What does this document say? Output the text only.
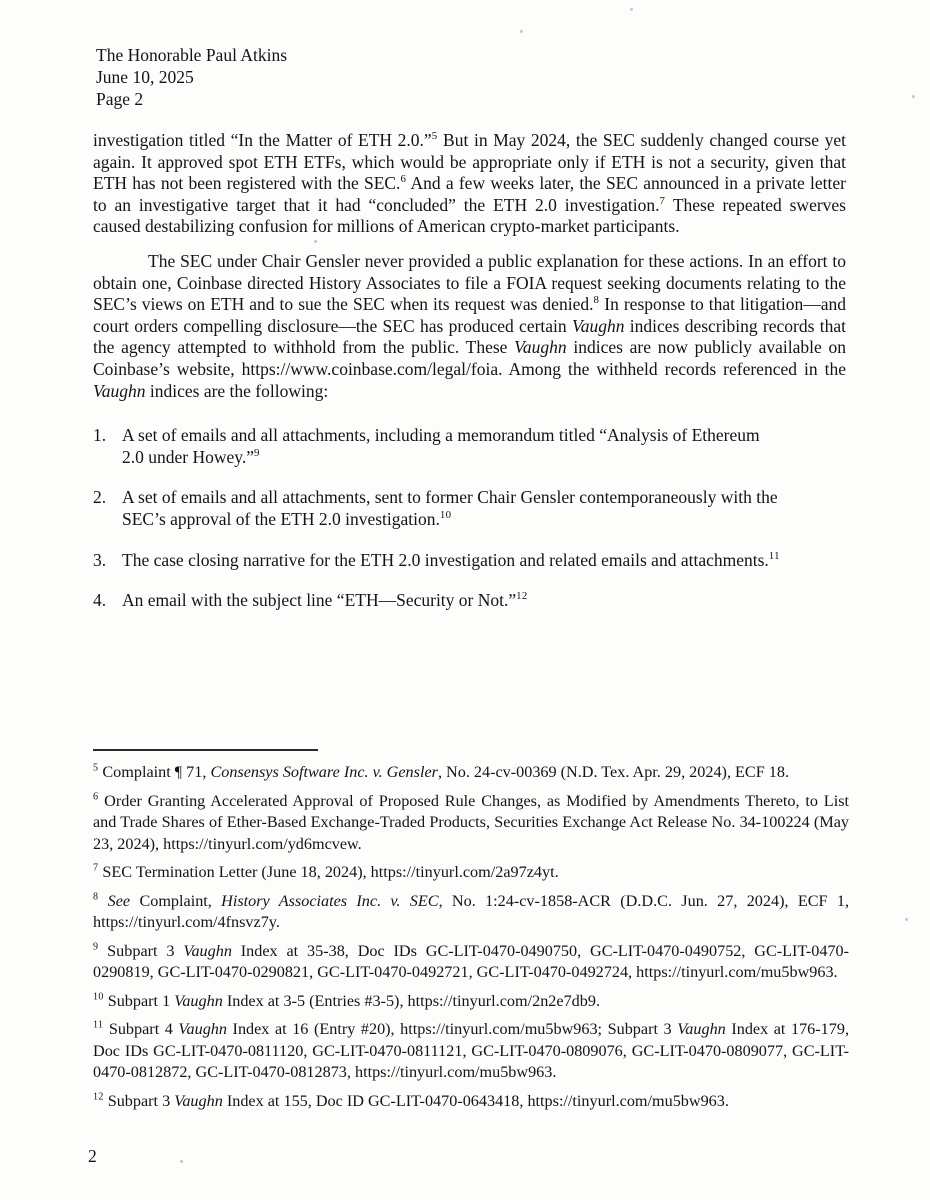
The Honorable Paul Atkins
June 10, 2025
Page 2

investigation titled “In the Matter of ETH 2.0.”$^5$ But in May 2024, the SEC suddenly changed course yet again. It approved spot ETH ETFs, which would be appropriate only if ETH is not a security, given that ETH has not been registered with the SEC.$^6$ And a few weeks later, the SEC announced in a private letter to an investigative target that it had “concluded” the ETH 2.0 investigation.$^7$ These repeated swerves caused destabilizing confusion for millions of American crypto-market participants.

The SEC under Chair Gensler never provided a public explanation for these actions. In an effort to obtain one, Coinbase directed History Associates to file a FOIA request seeking documents relating to the SEC’s views on ETH and to sue the SEC when its request was denied.$^8$ In response to that litigation—and court orders compelling disclosure—the SEC has produced certain Vaughn indices describing records that the agency attempted to withhold from the public. These Vaughn indices are now publicly available on Coinbase’s website, https://www.coinbase.com/legal/foia. Among the withheld records referenced in the Vaughn indices are the following:

1. A set of emails and all attachments, including a memorandum titled “Analysis of Ethereum 2.0 under Howey.”$^9$
2. A set of emails and all attachments, sent to former Chair Gensler contemporaneously with the SEC’s approval of the ETH 2.0 investigation.$^{10}$
3. The case closing narrative for the ETH 2.0 investigation and related emails and attachments.$^{11}$
4. An email with the subject line “ETH—Security or Not.”$^{12}$

$^5$ Complaint ¶ 71, Consensys Software Inc. v. Gensler, No. 24-cv-00369 (N.D. Tex. Apr. 29, 2024), ECF 18.

$^6$ Order Granting Accelerated Approval of Proposed Rule Changes, as Modified by Amendments Thereto, to List and Trade Shares of Ether-Based Exchange-Traded Products, Securities Exchange Act Release No. 34-100224 (May 23, 2024), https://tinyurl.com/yd6mcvew.

$^7$ SEC Termination Letter (June 18, 2024), https://tinyurl.com/2a97z4yt.

$^8$ See Complaint, History Associates Inc. v. SEC, No. 1:24-cv-1858-ACR (D.D.C. Jun. 27, 2024), ECF 1, https://tinyurl.com/4fnsvz7y.

$^9$ Subpart 3 Vaughn Index at 35-38, Doc IDs GC-LIT-0470-0490750, GC-LIT-0470-0490752, GC-LIT-0470-0290819, GC-LIT-0470-0290821, GC-LIT-0470-0492721, GC-LIT-0470-0492724, https://tinyurl.com/mu5bw963.

$^{10}$ Subpart 1 Vaughn Index at 3-5 (Entries #3-5), https://tinyurl.com/2n2e7db9.

$^{11}$ Subpart 4 Vaughn Index at 16 (Entry #20), https://tinyurl.com/mu5bw963; Subpart 3 Vaughn Index at 176-179, Doc IDs GC-LIT-0470-0811120, GC-LIT-0470-0811121, GC-LIT-0470-0809076, GC-LIT-0470-0809077, GC-LIT-0470-0812872, GC-LIT-0470-0812873, https://tinyurl.com/mu5bw963.

$^{12}$ Subpart 3 Vaughn Index at 155, Doc ID GC-LIT-0470-0643418, https://tinyurl.com/mu5bw963.

2
